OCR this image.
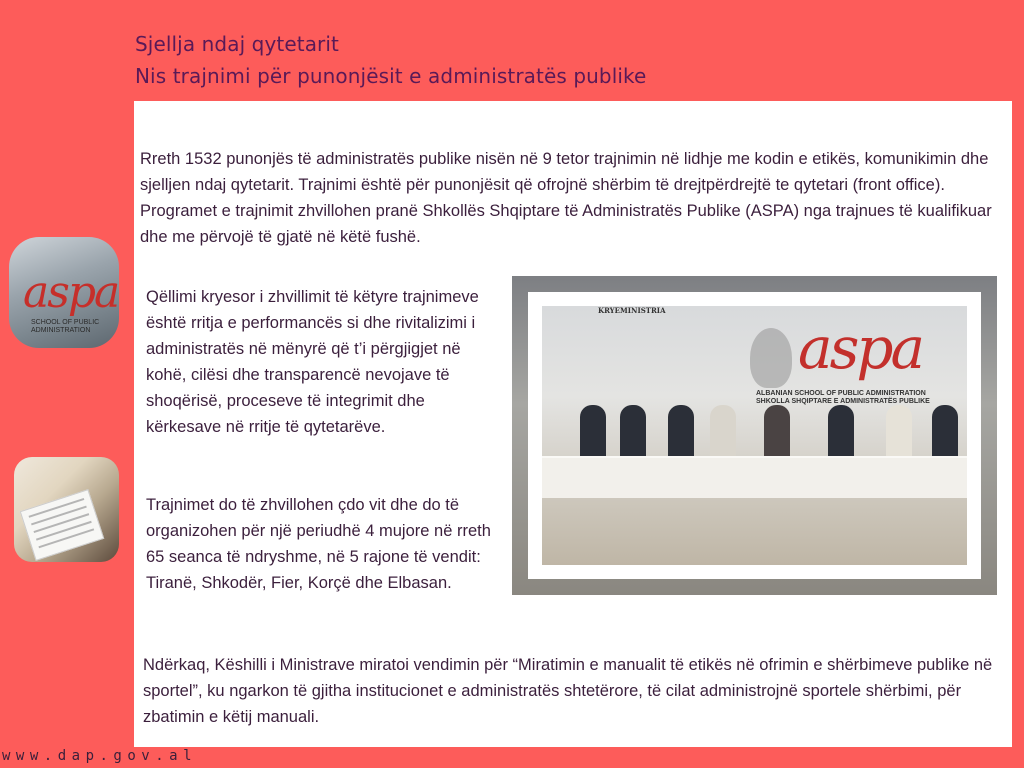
Sjellja ndaj qytetarit
Nis trajnimi për punonjësit e administratës publike
aspa
SCHOOL OF PUBLIC ADMINISTRATION

Rreth 1532 punonjës të administratës publike nisën në 9 tetor trajnimin në lidhje me kodin e etikës, komunikimin dhe sjelljen ndaj qytetarit. Trajnimi është për punonjësit që ofrojnë shërbim të drejtpërdrejtë te qytetari (front office). Programet e trajnimit zhvillohen pranë Shkollës Shqiptare të Administratës Publike (ASPA) nga trajnues të kualifikuar dhe me përvojë të gjatë në këtë fushë.

Qëllimi kryesor i zhvillimit të këtyre trajnimeve është rritja e performancës si dhe rivitalizimi i administratës në mënyrë që t’i përgjigjet në kohë, cilësi dhe transparencë nevojave të shoqërisë, proceseve të integrimit dhe kërkesave në rritje të qytetarëve.

Trajnimet do të zhvillohen çdo vit dhe do të organizohen për një periudhë 4 mujore në rreth 65 seanca të ndryshme, në 5 rajone të vendit: Tiranë, Shkodër, Fier, Korçë dhe Elbasan.

KRYEMINISTRIA
aspa
ALBANIAN SCHOOL OF PUBLIC ADMINISTRATION SHKOLLA SHQIPTARE E ADMINISTRATËS PUBLIKE

Ndërkaq, Këshilli i Ministrave miratoi vendimin për “Miratimin e manualit të etikës në ofrimin e shërbimeve publike në sportel”, ku ngarkon të gjitha institucionet e administratës shtetërore, të cilat administrojnë sportele shërbimi, për zbatimin e këtij manuali.

www.dap.gov.al
